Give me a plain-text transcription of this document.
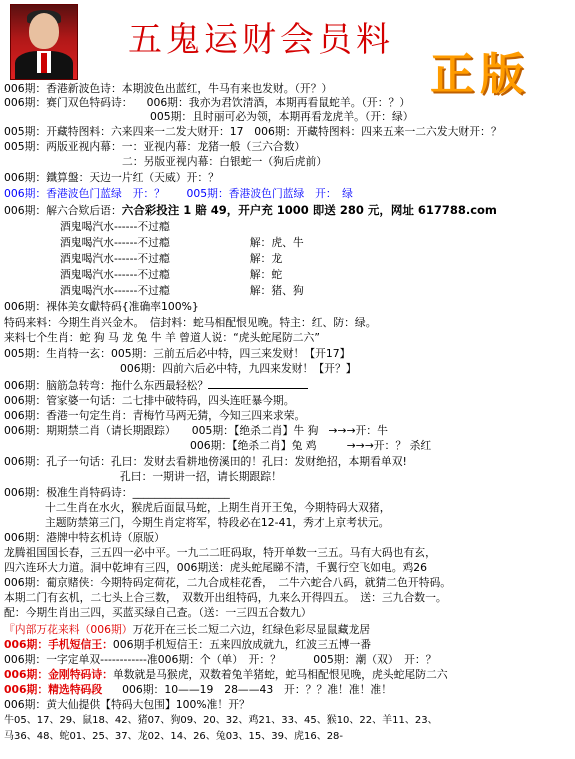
五鬼运财会员料
正版
006期：香港新波色诗：本期波色出蓝红，牛马有来也发财。（开？）
006期：赛门双色特码诗： 006期：我亦为君饮清酒，本期再看鼠蛇羊。（开：？）
005期：且时丽可必为领，本期再看龙虎羊。（开：绿）
005期：开藏特图料：六来四来一二发大财开：17　006期：开藏特图料：四来五来一二六发大财开：？
005期：两版亚视内幕：一：亚视内幕：龙猪一般（三六合数）
二：另版亚视内幕：白银蛇一（狗后虎前）
006期：鐵算盤：天边一片红（天威）开：？
006期：香港波色门蓝绿　开：？　　005期：香港波色门蓝绿　开：　绿
006期：解六合欵后语：六合彩投注 1 賠 49，开户充 1000 即送 280 元，网址 617788.com
酒鬼喝汽水------不过瘾
酒鬼喝汽水------不过瘾	解：虎、牛
酒鬼喝汽水------不过瘾	解：龙
酒鬼喝汽水------不过瘾	解：蛇
酒鬼喝汽水------不过瘾	解：猪、狗
006期：裸体美女獻特码{准确率100%}
特码来料：今期生肖兴金木。　信封料：蛇马相配恨见晚。特主：红、防：绿。
来料七个生肖：蛇 狗 马 龙 兔 牛 羊 曾道人说：“虎头蛇尾防二六”
005期：生肖特一玄：005期：三前五后必中特，四三来发财！【开17】
006期：四前六后必中特，九四来发财！【开？】
006期：脑筋急转弯：拖什么东西最轻松？
006期：管家婆一句话：二七排中破特码，四头连旺暴今期。
006期：香港一句定生肖：青梅竹马两无猜，今知三四来求荣。
006期：期期禁二肖（请长期跟踪） 005期：【绝杀二肖】牛 狗 →→→开：牛
006期：【绝杀二肖】兔 鸡	→→→开：？ 杀红
006期：孔子一句话：孔曰：发财去看耕地傍溪田的！孔曰：发财绝招，本期看单双!
孔曰：一期讲一招，请长期跟踪！
006期：极准生肖特码诗：__________________
十二生肖在水火，猴虎后面鼠马蛇，上期生肖开王兔，今期特码大双猪，
主题防禁第三门，今期生肖定将军，特段必在12-41，秀才上京考状元。
006期：港牌中特玄机诗（原版）
龙腾祖国国长春，三五四一必中平。一九二二旺码取，特开单数一三五。马有大码也有玄，
四六连环大力道。洞中乾坤有三四，006期送：虎头蛇尾睇不清，千翼行空飞如电。鸡26
006期：葡京赌侠：今期特码定荷花，二九合成桂花香，　二牛六蛇合八码，就猜二色开特码。
本期二门有玄机，二七头上合三数，　双数开出组特码，九来么开得四五。　送：三九合数一。
配：今期生肖出三四，买蓝买绿自己查。（送：一三四五合数九）
『内部万花来料（006期）万花开在三长二短二六边，红绿色彩尽显鼠藏龙居
006期：手机短信王：006期手机短信王：五来四放成就九，红波三五博一番
006期：一字定单双------------准006期：个（单）　开：？　　　005期：潮（双）　开：？
006期：金刚特码诗：单数就是马猴虎，双数着兔羊猪蛇，蛇马相配恨见晚，虎头蛇尾防二六
006期：精选特码段 006期：10——19　28——43　开：？？准！准！准！
006期：黄大仙提供【特码大包围】100%准！开？
牛05、17、29、鼠18、42、猪07、狗09、20、32、鸡21、33、45、猴10、22、羊11、23、
马36、48、蛇01、25、37、龙02、14、26、兔03、15、39、虎16、28-
